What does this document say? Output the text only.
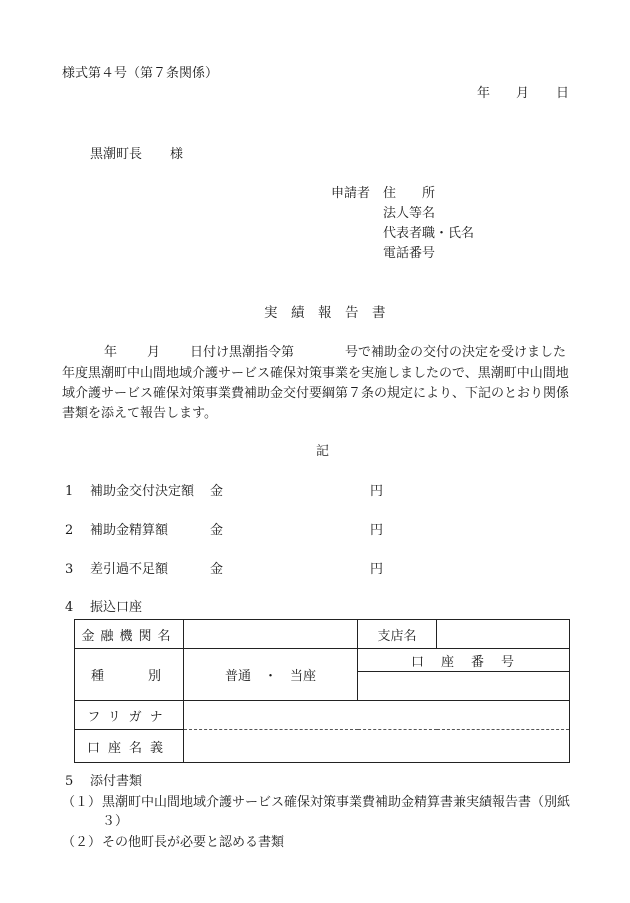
様式第４号（第７条関係）
年 月 日
黒潮町長 様
申請者 住　　所
法人等名
代表者職・氏名
電話番号
実　績　報　告　書
年 月 日付け黒潮指令第	号で補助金の交付の決定を受けました
年度黒潮町中山間地域介護サービス確保対策事業を実施しましたので、黒潮町中山間地
域介護サービス確保対策事業費補助金交付要綱第７条の規定により、下記のとおり関係
書類を添えて報告します。
記
1 補助金交付決定額 金	円
2 補助金精算額	金	円
3 差引過不足額	金	円
4 振込口座
金融機関名		支店名	
種　　別	普通　・　当座	口　座　番　号	

フリガナ			
口座名義			
5 添付書類
（１） 黒潮町中山間地域介護サービス確保対策事業費補助金精算書兼実績報告書（別紙
３）
（２） その他町長が必要と認める書類
